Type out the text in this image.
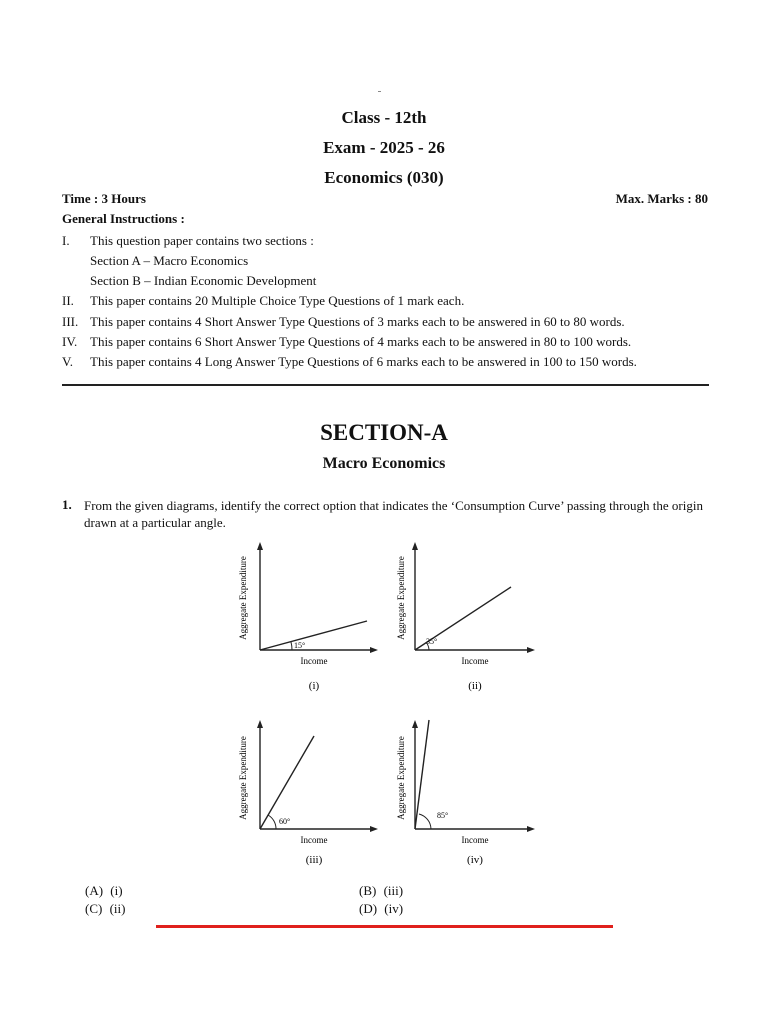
Class - 12th
Exam - 2025 - 26
Economics (030)
Time : 3 Hours	Max. Marks : 80
General Instructions :
I. This question paper contains two sections :
Section A – Macro Economics
Section B – Indian Economic Development
II. This paper contains 20 Multiple Choice Type Questions of 1 mark each.
III. This paper contains 4 Short Answer Type Questions of 3 marks each to be answered in 60 to 80 words.
IV. This paper contains 6 Short Answer Type Questions of 4 marks each to be answered in 80 to 100 words.
V. This paper contains 4 Long Answer Type Questions of 6 marks each to be answered in 100 to 150 words.
SECTION-A
Macro Economics
1. From the given diagrams, identify the correct option that indicates the ‘Consumption Curve’ passing through the origin drawn at a particular angle.
15°
Aggregate Expenditure
Income
(i)
35°
Aggregate Expenditure
Income
(ii)
60°
Aggregate Expenditure
Income
(iii)
85°
Aggregate Expenditure
Income
(iv)
(A) (i)	(B) (iii)
(C) (ii)	(D) (iv)
